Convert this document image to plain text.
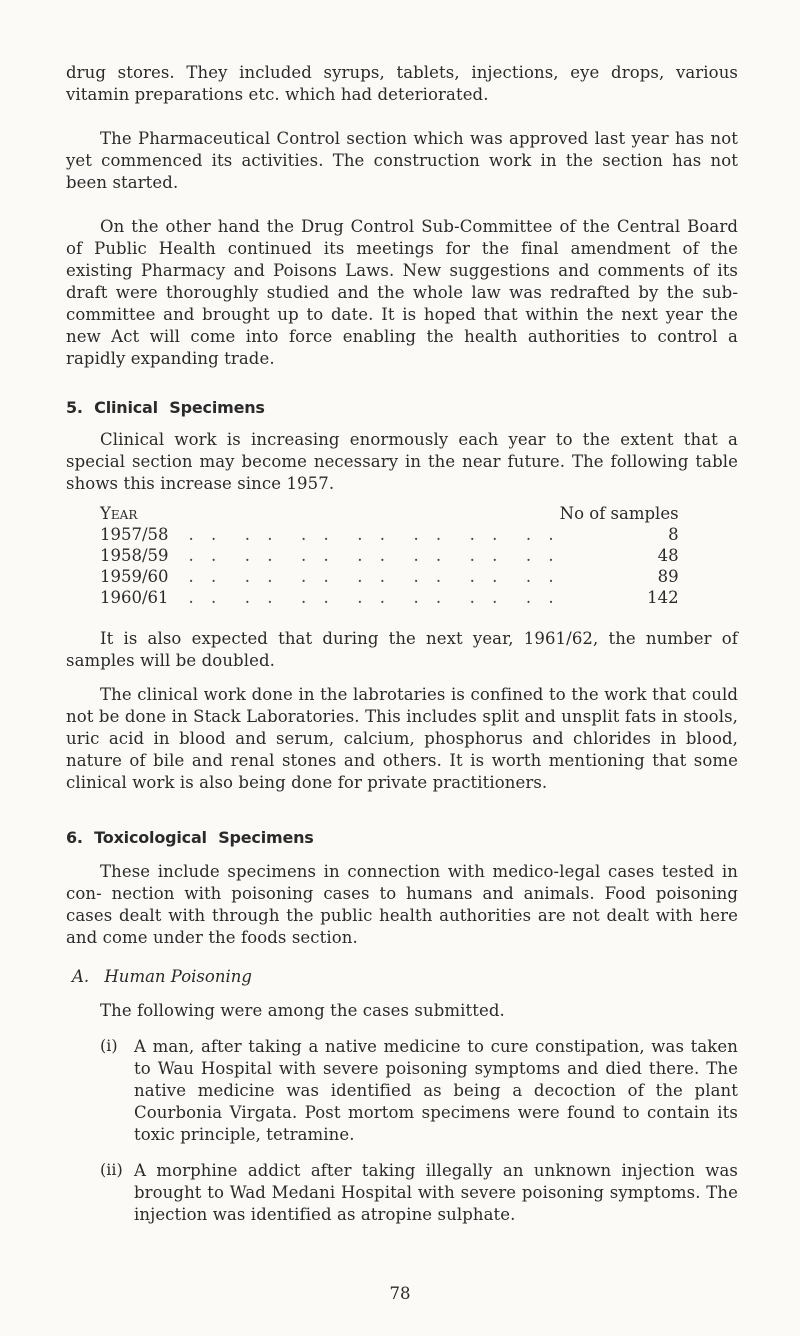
drug stores. They included syrups, tablets, injections, eye drops, various vitamin preparations etc. which had deteriorated.

The Pharmaceutical Control section which was approved last year has not yet commenced its activities. The construction work in the section has not been started.

On the other hand the Drug Control Sub-Committee of the Central Board of Public Health continued its meetings for the final amendment of the existing Pharmacy and Poisons Laws. New suggestions and comments of its draft were thoroughly studied and the whole law was redrafted by the sub-committee and brought up to date. It is hoped that within the next year the new Act will come into force enabling the health authorities to control a rapidly expanding trade.

5. Clinical Specimens

Clinical work is increasing enormously each year to the extent that a special section may become necessary in the near future. The following table shows this increase since 1957.

Year		No of samples
1957/58	. .  . .  . .  . .  . .  . .  . .	8
1958/59	. .  . .  . .  . .  . .  . .  . .	48
1959/60	. .  . .  . .  . .  . .  . .  . .	89
1960/61	. .  . .  . .  . .  . .  . .  . .	142

It is also expected that during the next year, 1961/62, the number of samples will be doubled.

The clinical work done in the labrotaries is confined to the work that could not be done in Stack Laboratories. This includes split and unsplit fats in stools, uric acid in blood and serum, calcium, phosphorus and chlorides in blood, nature of bile and renal stones and others. It is worth mentioning that some clinical work is also being done for private practitioners.

6. Toxicological Specimens

These include specimens in connection with medico-legal cases tested in con- nection with poisoning cases to humans and animals. Food poisoning cases dealt with through the public health authorities are not dealt with here and come under the foods section.

A. Human Poisoning

The following were among the cases submitted.

(i) A man, after taking a native medicine to cure constipation, was taken to Wau Hospital with severe poisoning symptoms and died there. The native medicine was identified as being a decoction of the plant Courbonia Virgata. Post mortom specimens were found to contain its toxic principle, tetramine.

(ii) A morphine addict after taking illegally an unknown injection was brought to Wad Medani Hospital with severe poisoning symptoms. The injection was identified as atropine sulphate.

78
